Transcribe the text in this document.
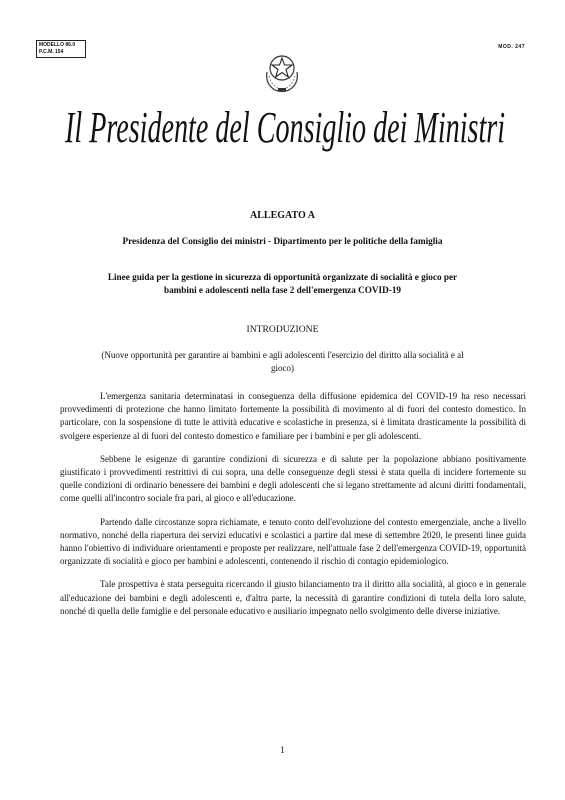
MODELLO 86.0
P.C.M. 154
MOD. 247
Il Presidente del Consiglio dei Ministri
ALLEGATO A
Presidenza del Consiglio dei ministri - Dipartimento per le politiche della famiglia
Linee guida per la gestione in sicurezza di opportunità organizzate di socialità e gioco per
bambini e adolescenti nella fase 2 dell'emergenza COVID-19
INTRODUZIONE
(Nuove opportunità per garantire ai bambini e agli adolescenti l'esercizio del diritto alla socialità e al
gioco)

L'emergenza sanitaria determinatasi in conseguenza della diffusione epidemica del COVID-19 ha reso necessari provvedimenti di protezione che hanno limitato fortemente la possibilità di movimento al di fuori del contesto domestico. In particolare, con la sospensione di tutte le attività educative e scolastiche in presenza, si è limitata drasticamente la possibilità di svolgere esperienze al di fuori del contesto domestico e familiare per i bambini e per gli adolescenti.

Sebbene le esigenze di garantire condizioni di sicurezza e di salute per la popolazione abbiano positivamente giustificato i provvedimenti restrittivi di cui sopra, una delle conseguenze degli stessi è stata quella di incidere fortemente su quelle condizioni di ordinario benessere dei bambini e degli adolescenti che si legano strettamente ad alcuni diritti fondamentali, come quelli all'incontro sociale fra pari, al gioco e all'educazione.

Partendo dalle circostanze sopra richiamate, e tenuto conto dell'evoluzione del contesto emergenziale, anche a livello normativo, nonché della riapertura dei servizi educativi e scolastici a partire dal mese di settembre 2020, le presenti linee guida hanno l'obiettivo di individuare orientamenti e proposte per realizzare, nell'attuale fase 2 dell'emergenza COVID-19, opportunità organizzate di socialità e gioco per bambini e adolescenti, contenendo il rischio di contagio epidemiologico.

Tale prospettiva è stata perseguita ricercando il giusto bilanciamento tra il diritto alla socialità, al gioco e in generale all'educazione dei bambini e degli adolescenti e, d'altra parte, la necessità di garantire condizioni di tutela della loro salute, nonché di quella delle famiglie e del personale educativo e ausiliario impegnato nello svolgimento delle diverse iniziative.

1
